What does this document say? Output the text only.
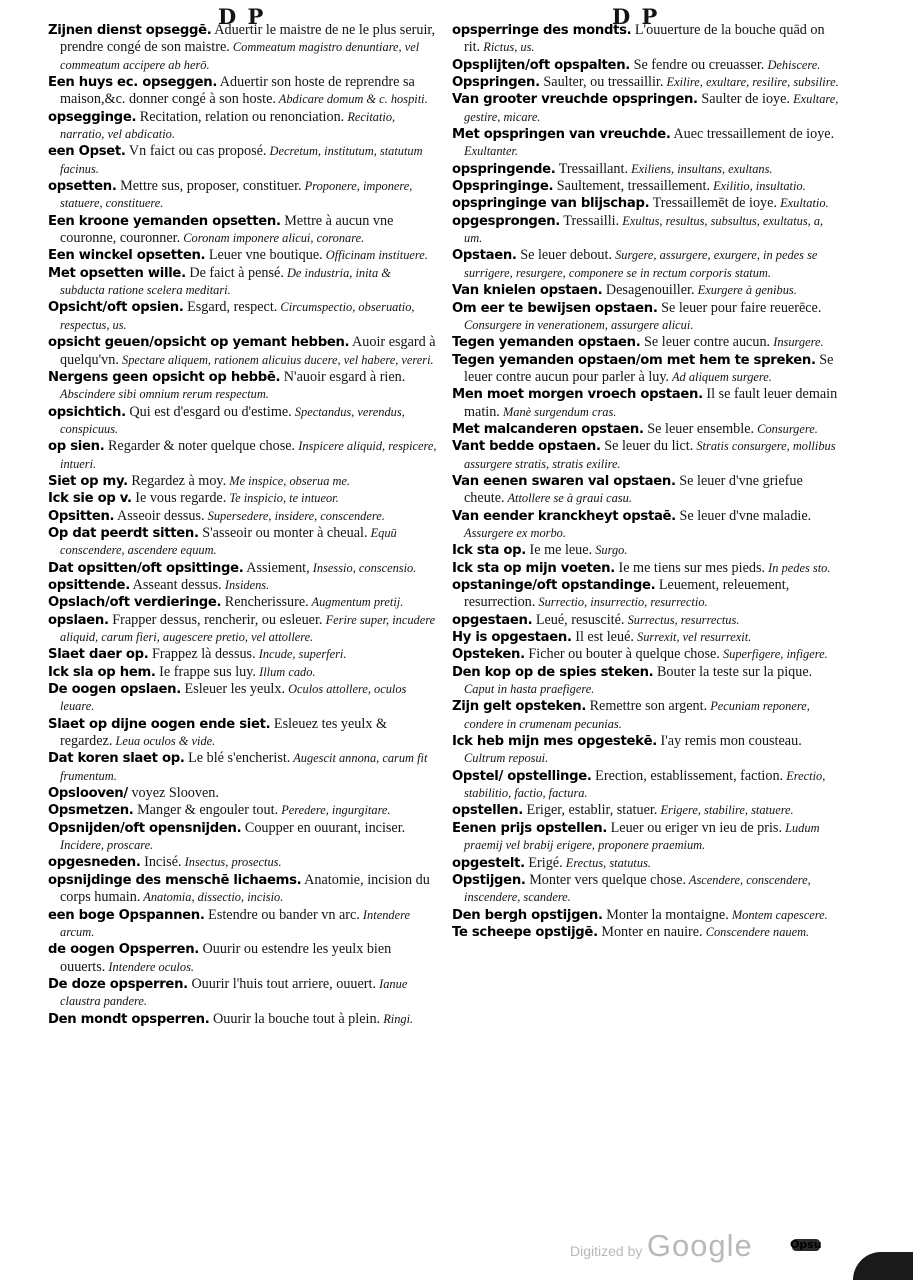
D P	D P

Zijnen dienst opseggē. Aduertir le maistre de ne le plus seruir, prendre congé de son maistre. Commeatum magistro denuntiare, vel commeatum accipere ab herō.

Een huys ec. opseggen. Aduertir son hoste de reprendre sa maison,&c. donner congé à son hoste. Abdicare domum & c. hospiti.

opsegginge. Recitation, relation ou renonciation. Recitatio, narratio, vel abdicatio.

een Opset. Vn faict ou cas proposé. Decretum, institutum, statutum facinus.

opsetten. Mettre sus, proposer, constituer. Proponere, imponere, statuere, constituere.

Een kroone yemanden opsetten. Mettre à aucun vne couronne, couronner. Coronam imponere alicui, coronare.

Een winckel opsetten. Leuer vne boutique. Officinam instituere.

Met opsetten wille. De faict à pensé. De industria, inita & subducta ratione scelera meditari.

Opsicht/oft opsien. Esgard, respect. Circumspectio, obseruatio, respectus, us.

opsicht geuen/opsicht op yemant hebben. Auoir esgard à quelqu'vn. Spectare aliquem, rationem alicuius ducere, vel habere, vereri.

Nergens geen opsicht op hebbē. N'auoir esgard à rien. Abscindere sibi omnium rerum respectum.

opsichtich. Qui est d'esgard ou d'estime. Spectandus, verendus, conspicuus.

op sien. Regarder & noter quelque chose. Inspicere aliquid, respicere, intueri.

Siet op my. Regardez à moy. Me inspice, obserua me.

Ick sie op v. Ie vous regarde. Te inspicio, te intueor.

Opsitten. Asseoir dessus. Supersedere, insidere, conscendere.

Op dat peerdt sitten. S'asseoir ou monter à cheual. Equū conscendere, ascendere equum.

Dat opsitten/oft opsittinge. Assiement, Insessio, conscensio.

opsittende. Asseant dessus. Insidens.

Opslach/oft verdieringe. Rencherissure. Augmentum pretij.

opslaen. Frapper dessus, rencherir, ou esleuer. Ferire super, incudere aliquid, carum fieri, augescere pretio, vel attollere.

Slaet daer op. Frappez là dessus. Incude, superferi.

Ick sla op hem. Ie frappe sus luy. Illum cado.

De oogen opslaen. Esleuer les yeulx. Oculos attollere, oculos leuare.

Slaet op dijne oogen ende siet. Esleuez tes yeulx & regardez. Leua oculos & vide.

Dat koren slaet op. Le blé s'encherist. Augescit annona, carum fit frumentum.

Opslooven/ voyez Slooven.

Opsmetzen. Manger & engouler tout. Peredere, ingurgitare.

Opsnijden/oft opensnijden. Coupper en ouurant, inciser. Incidere, proscare.

opgesneden. Incisé. Insectus, prosectus.

opsnijdinge des menschē lichaems. Anatomie, incision du corps humain. Anatomia, dissectio, incisio.

een boge Opspannen. Estendre ou bander vn arc. Intendere arcum.

de oogen Opsperren. Ouurir ou estendre les yeulx bien ouuerts. Intendere oculos.

De doze opsperren. Ouurir l'huis tout arriere, ouuert. Ianue claustra pandere.

Den mondt opsperren. Ouurir la bouche tout à plein. Ringi.

opsperringe des mondts. L'ouuerture de la bouche quād on rit. Rictus, us.

Opsplijten/oft opspalten. Se fendre ou creuasser. Dehiscere.

Opspringen. Saulter, ou tressaillir. Exilire, exultare, resilire, subsilire.

Van grooter vreuchde opspringen. Saulter de ioye. Exultare, gestire, micare.

Met opspringen van vreuchde. Auec tressaillement de ioye. Exultanter.

opspringende. Tressaillant. Exiliens, insultans, exultans.

Opspringinge. Saultement, tressaillement. Exilitio, insultatio.

opspringinge van blijschap. Tressaillemēt de ioye. Exultatio.

opgesprongen. Tressailli. Exultus, resultus, subsultus, exultatus, a, um.

Opstaen. Se leuer debout. Surgere, assurgere, exurgere, in pedes se surrigere, resurgere, componere se in rectum corporis statum.

Van knielen opstaen. Desagenouiller. Exurgere à genibus.

Om eer te bewijsen opstaen. Se leuer pour faire reuerēce. Consurgere in venerationem, assurgere alicui.

Tegen yemanden opstaen. Se leuer contre aucun. Insurgere.

Tegen yemanden opstaen/om met hem te spreken. Se leuer contre aucun pour parler à luy. Ad aliquem surgere.

Men moet morgen vroech opstaen. Il se fault leuer demain matin. Manè surgendum cras.

Met malcanderen opstaen. Se leuer ensemble. Consurgere.

Vant bedde opstaen. Se leuer du lict. Stratis consurgere, mollibus assurgere stratis, stratis exilire.

Van eenen swaren val opstaen. Se leuer d'vne griefue cheute. Attollere se à graui casu.

Van eender kranckheyt opstaē. Se leuer d'vne maladie. Assurgere ex morbo.

Ick sta op. Ie me leue. Surgo.

Ick sta op mijn voeten. Ie me tiens sur mes pieds. In pedes sto.

opstaninge/oft opstandinge. Leuement, releuement, resurrection. Surrectio, insurrectio, resurrectio.

opgestaen. Leué, resuscité. Surrectus, resurrectus.

Hy is opgestaen. Il est leué. Surrexit, vel resurrexit.

Opsteken. Ficher ou bouter à quelque chose. Superfigere, infigere.

Den kop op de spies steken. Bouter la teste sur la pique. Caput in hasta praefigere.

Zijn gelt opsteken. Remettre son argent. Pecuniam reponere, condere in crumenam pecunias.

Ick heb mijn mes opgestekē. I'ay remis mon cousteau. Cultrum reposui.

Opstel/ opstellinge. Erection, establissement, faction. Erectio, stabilitio, factio, factura.

opstellen. Eriger, establir, statuer. Erigere, stabilire, statuere.

Eenen prijs opstellen. Leuer ou eriger vn ieu de pris. Ludum praemij vel brabij erigere, proponere praemium.

opgestelt. Erigé. Erectus, statutus.

Opstijgen. Monter vers quelque chose. Ascendere, conscendere, inscendere, scandere.

Den bergh opstijgen. Monter la montaigne. Montem capescere.

Te scheepe opstijgē. Monter en nauire. Conscendere nauem.

Digitized by Google	Opsu
